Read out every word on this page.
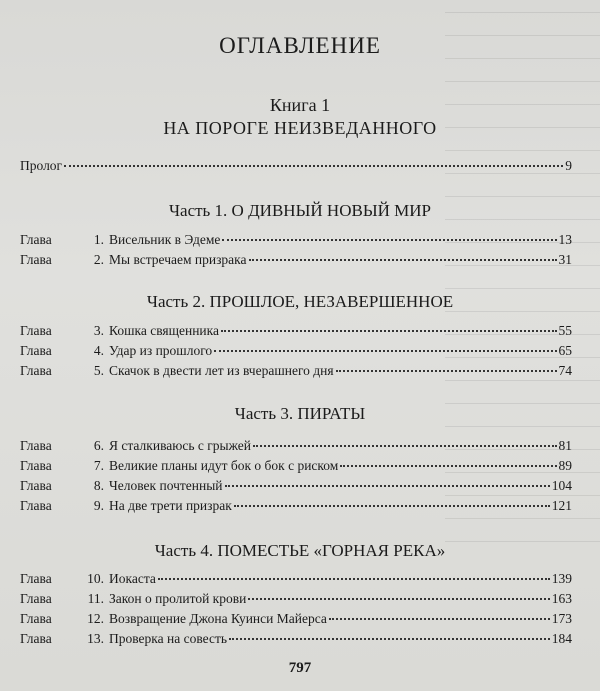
ОГЛАВЛЕНИЕ
Книга 1
НА ПОРОГЕ НЕИЗВЕДАННОГО
Пролог	9
Часть 1. О ДИВНЫЙ НОВЫЙ МИР
Глава	1. Висельник в Эдеме	13
Глава	2. Мы встречаем призрака	31
Часть 2. ПРОШЛОЕ, НЕЗАВЕРШЕННОЕ
Глава	3. Кошка священника	55
Глава	4. Удар из прошлого	65
Глава	5. Скачок в двести лет из вчерашнего дня	74
Часть 3. ПИРАТЫ
Глава	6. Я сталкиваюсь с грыжей	81
Глава	7. Великие планы идут бок о бок с риском	89
Глава	8. Человек почтенный	104
Глава	9. На две трети призрак	121
Часть 4. ПОМЕСТЬЕ «ГОРНАЯ РЕКА»
Глава	10. Иокаста	139
Глава	11. Закон о пролитой крови	163
Глава	12. Возвращение Джона Куинси Майерса	173
Глава	13. Проверка на совесть	184
797
